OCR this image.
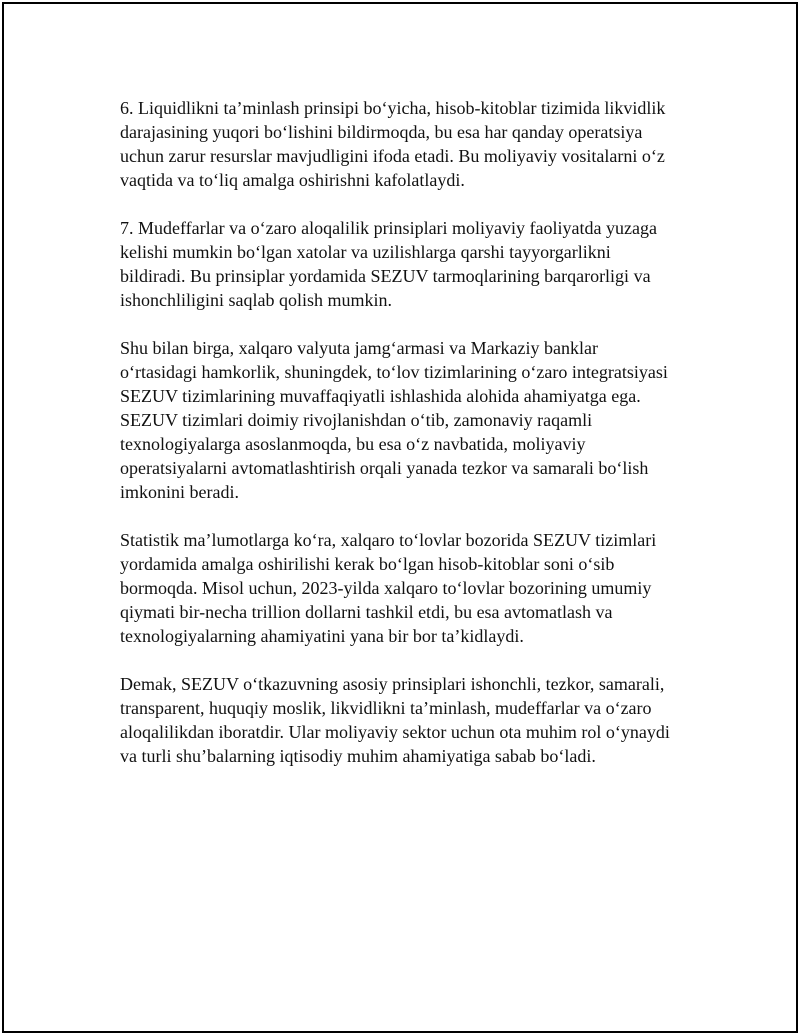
6. Liquidlikni ta’minlash prinsipi bo‘yicha, hisob-kitoblar tizimida likvidlik
darajasining yuqori bo‘lishini bildirmoqda, bu esa har qanday operatsiya
uchun zarur resurslar mavjudligini ifoda etadi. Bu moliyaviy vositalarni o‘z
vaqtida va to‘liq amalga oshirishni kafolatlaydi.

7. Mudeffarlar va o‘zaro aloqalilik prinsiplari moliyaviy faoliyatda yuzaga
kelishi mumkin bo‘lgan xatolar va uzilishlarga qarshi tayyorgarlikni
bildiradi. Bu prinsiplar yordamida SEZUV tarmoqlarining barqarorligi va
ishonchliligini saqlab qolish mumkin.

Shu bilan birga, xalqaro valyuta jamg‘armasi va Markaziy banklar
o‘rtasidagi hamkorlik, shuningdek, to‘lov tizimlarining o‘zaro integratsiyasi
SEZUV tizimlarining muvaffaqiyatli ishlashida alohida ahamiyatga ega.
SEZUV tizimlari doimiy rivojlanishdan o‘tib, zamonaviy raqamli
texnologiyalarga asoslanmoqda, bu esa o‘z navbatida, moliyaviy
operatsiyalarni avtomatlashtirish orqali yanada tezkor va samarali bo‘lish
imkonini beradi.

Statistik ma’lumotlarga ko‘ra, xalqaro to‘lovlar bozorida SEZUV tizimlari
yordamida amalga oshirilishi kerak bo‘lgan hisob-kitoblar soni o‘sib
bormoqda. Misol uchun, 2023-yilda xalqaro to‘lovlar bozorining umumiy
qiymati bir-necha trillion dollarni tashkil etdi, bu esa avtomatlash va
texnologiyalarning ahamiyatini yana bir bor ta’kidlaydi.

Demak, SEZUV o‘tkazuvning asosiy prinsiplari ishonchli, tezkor, samarali,
transparent, huquqiy moslik, likvidlikni ta’minlash, mudeffarlar va o‘zaro
aloqalilikdan iboratdir. Ular moliyaviy sektor uchun ota muhim rol o‘ynaydi
va turli shu’balarning iqtisodiy muhim ahamiyatiga sabab bo‘ladi.
